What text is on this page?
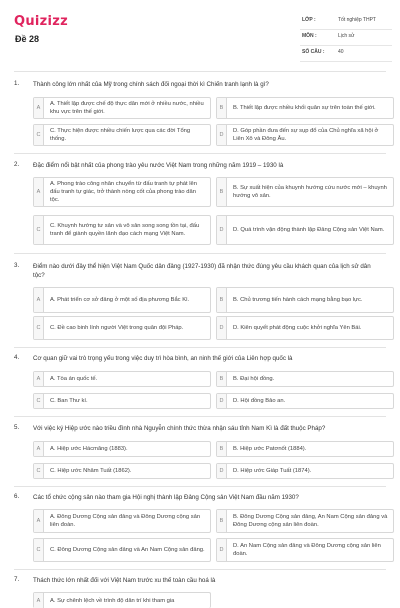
Quizizz
Đề 28
LỚP :	Tốt nghiệp THPT
MÔN :	Lịch sử
SỐ CÂU :	40
1. Thành công lớn nhất của Mỹ trong chính sách đối ngoại thời kì Chiến tranh lạnh là gì?
A
A. Thiết lập được chế độ thực dân mới ở nhiều nước, nhiều khu vực trên thế giới.
B	B. Thiết lập được nhiều khối quân sự trên toàn thế giới.
C
C. Thực hiện được nhiều chiến lược qua các đời Tổng thống.
D
D. Góp phần đưa đến sự sụp đổ của Chủ nghĩa xã hội ở Liên Xô và Đông Âu.
2. Đặc điểm nổi bật nhất của phong trào yêu nước Việt Nam trong những năm 1919 – 1930 là
A
A. Phong trào công nhân chuyển từ đấu tranh tự phát lên đấu tranh tự giác, trở thành nòng cốt của phong trào dân tộc.
B
B. Sự xuất hiện của khuynh hướng cứu nước mới – khuynh hướng vô sản.
C
C. Khuynh hướng tư sản và vô sản song song tồn tại, đấu tranh để giành quyền lãnh đạo cách mạng Việt Nam.
D	D. Quá trình vận động thành lập Đảng Cộng sản Việt Nam.
3. Điểm nào dưới đây thể hiện Việt Nam Quốc dân đảng (1927-1930) đã nhận thức đúng yêu cầu khách quan của lịch sử dân tộc?
A	A. Phát triển cơ sở đảng ở một số địa phương Bắc Kì.	B	B. Chủ trương tiến hành cách mạng bằng bạo lực.
C	C. Đề cao binh lính người Việt trong quân đội Pháp.	D	D. Kiên quyết phát động cuộc khởi nghĩa Yên Bái.
4. Cơ quan giữ vai trò trọng yếu trong việc duy trì hòa bình, an ninh thế giới của Liên hợp quốc là
A	A. Tòa án quốc tế.	B	B. Đại hội đồng.
C	C. Ban Thư kí.	D	D. Hội đồng Bảo an.
5. Với việc ký Hiệp ước nào triều đình nhà Nguyễn chính thức thừa nhận sáu tỉnh Nam Kì là đất thuộc Pháp?
A	A. Hiệp ước Hácmăng (1883).	B	B. Hiệp ước Patơnốt (1884).
C	C. Hiệp ước Nhâm Tuất (1862).	D	D. Hiệp ước Giáp Tuất (1874).
6. Các tổ chức cộng sản nào tham gia Hội nghị thành lập Đảng Cộng sản Việt Nam đầu năm 1930?
A
A. Đông Dương Cộng sản đảng và Đông Dương cộng sản liên đoàn.
B
B. Đông Dương Cộng sản đảng, An Nam Cộng sản đảng và Đông Dương cộng sản liên đoàn.
C	C. Đông Dương Cộng sản đảng và An Nam Cộng sản đảng.	D
D. An Nam Cộng sản đảng và Đông Dương cộng sản liên đoàn.
7. Thách thức lớn nhất đối với Việt Nam trước xu thế toàn cầu hoá là
A	A. Sự chênh lệch về trình độ dân trí khi tham gia
